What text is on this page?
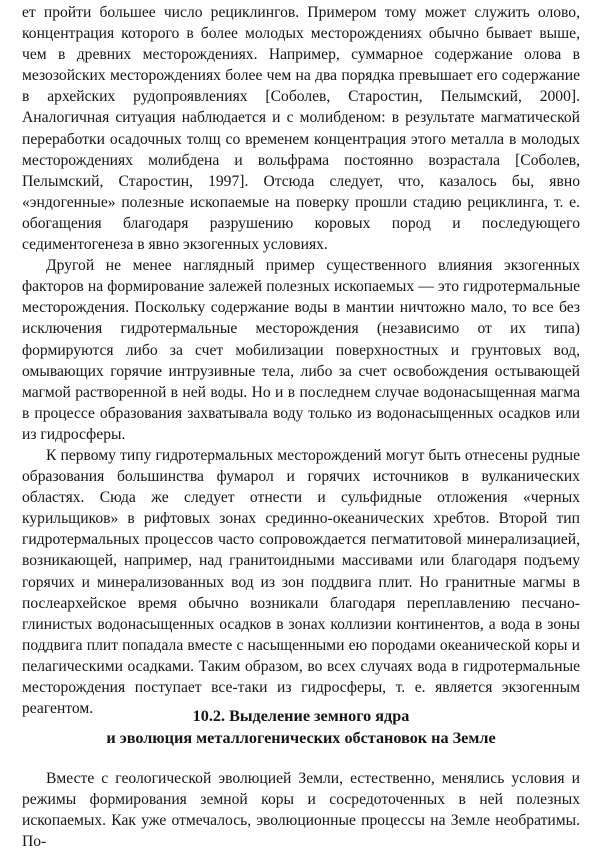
ет пройти большее число рециклингов. Примером тому может служить олово, концентрация которого в более молодых месторождениях обычно бывает выше, чем в древних месторождениях. Например, суммарное содержание олова в мезозойских месторождениях более чем на два порядка превышает его содержание в архейских рудопроявлениях [Соболев, Старостин, Пелымский, 2000]. Аналогичная ситуация наблюдается и с молибденом: в результате магматической переработки осадочных толщ со временем концентрация этого металла в молодых месторождениях молибдена и вольфрама постоянно возрастала [Соболев, Пелымский, Старостин, 1997]. Отсюда следует, что, казалось бы, явно «эндогенные» полезные ископаемые на поверку прошли стадию рециклинга, т. е. обогащения благодаря разрушению коровых пород и последующего седиментогенеза в явно экзогенных условиях.

Другой не менее наглядный пример существенного влияния экзогенных факторов на формирование залежей полезных ископаемых — это гидротермальные месторождения. Поскольку содержание воды в мантии ничтожно мало, то все без исключения гидротермальные месторождения (независимо от их типа) формируются либо за счет мобилизации поверхностных и грунтовых вод, омывающих горячие интрузивные тела, либо за счет освобождения остывающей магмой растворенной в ней воды. Но и в последнем случае водонасыщенная магма в процессе образования захватывала воду только из водонасыщенных осадков или из гидросферы.

К первому типу гидротермальных месторождений могут быть отнесены рудные образования большинства фумарол и горячих источников в вулканических областях. Сюда же следует отнести и сульфидные отложения «черных курильщиков» в рифтовых зонах срединно-океанических хребтов. Второй тип гидротермальных процессов часто сопровождается пегматитовой минерализацией, возникающей, например, над гранитоидными массивами или благодаря подъему горячих и минерализованных вод из зон поддвига плит. Но гранитные магмы в послеархейское время обычно возникали благодаря переплавлению песчано-глинистых водонасыщенных осадков в зонах коллизии континентов, а вода в зоны поддвига плит попадала вместе с насыщенными ею породами океанической коры и пелагическими осадками. Таким образом, во всех случаях вода в гидротермальные месторождения поступает все-таки из гидросферы, т. е. является экзогенным реагентом.	10.2. Выделение земного ядра
и эволюция металлогенических обстановок на Земле

Вместе с геологической эволюцией Земли, естественно, менялись условия и режимы формирования земной коры и сосредоточенных в ней полезных ископаемых. Как уже отмечалось, эволюционные процессы на Земле необратимы. По-
